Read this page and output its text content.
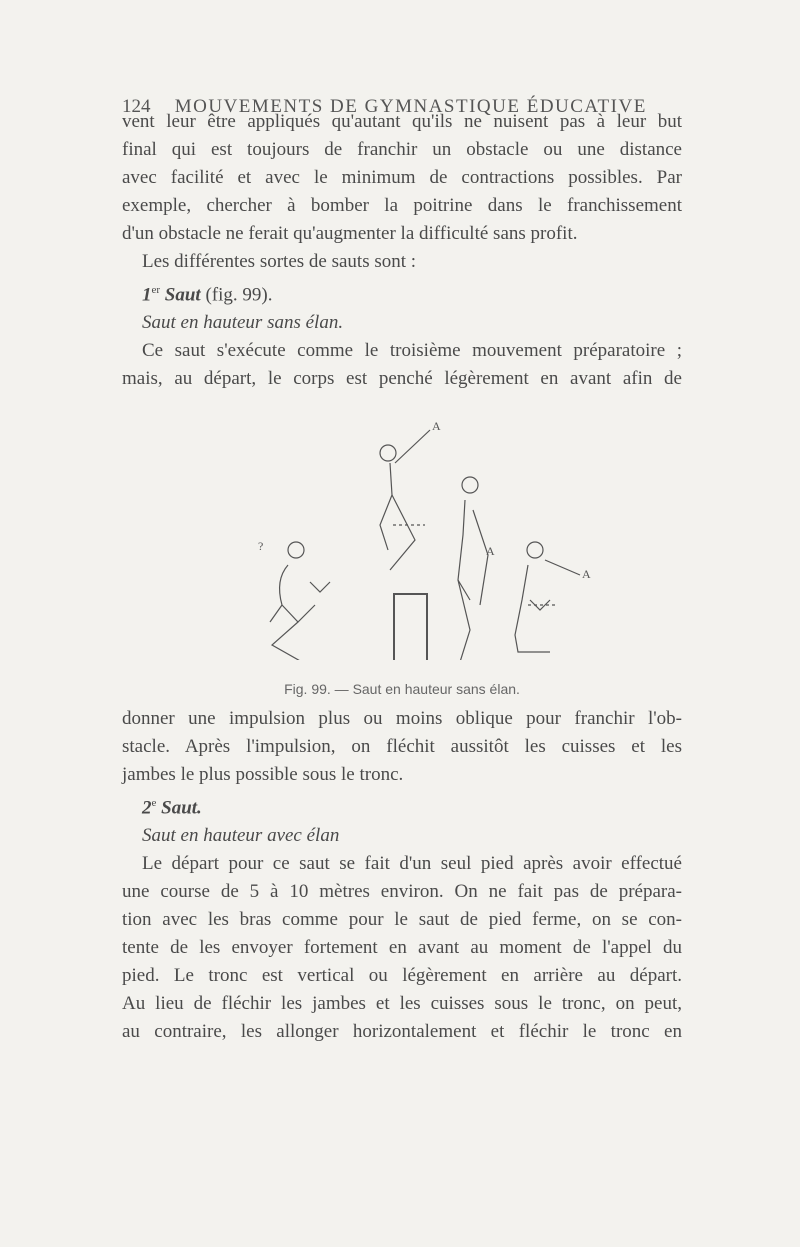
124 MOUVEMENTS DE GYMNASTIQUE ÉDUCATIVE
vent leur être appliqués qu'autant qu'ils ne nuisent pas à leur but
final qui est toujours de franchir un obstacle ou une distance
avec facilité et avec le minimum de contractions possibles. Par
exemple, chercher à bomber la poitrine dans le franchissement
d'un obstacle ne ferait qu'augmenter la difficulté sans profit.
Les différentes sortes de sauts sont :
1er Saut (fig. 99).
Saut en hauteur sans élan.
Ce saut s'exécute comme le troisième mouvement préparatoire ;
mais, au départ, le corps est penché légèrement en avant afin de
?
A
A
A
Fig. 99. — Saut en hauteur sans élan.
donner une impulsion plus ou moins oblique pour franchir l'ob-
stacle. Après l'impulsion, on fléchit aussitôt les cuisses et les
jambes le plus possible sous le tronc.
2e Saut.
Saut en hauteur avec élan
Le départ pour ce saut se fait d'un seul pied après avoir effectué
une course de 5 à 10 mètres environ. On ne fait pas de prépara-
tion avec les bras comme pour le saut de pied ferme, on se con-
tente de les envoyer fortement en avant au moment de l'appel du
pied. Le tronc est vertical ou légèrement en arrière au départ.
Au lieu de fléchir les jambes et les cuisses sous le tronc, on peut,
au contraire, les allonger horizontalement et fléchir le tronc en
